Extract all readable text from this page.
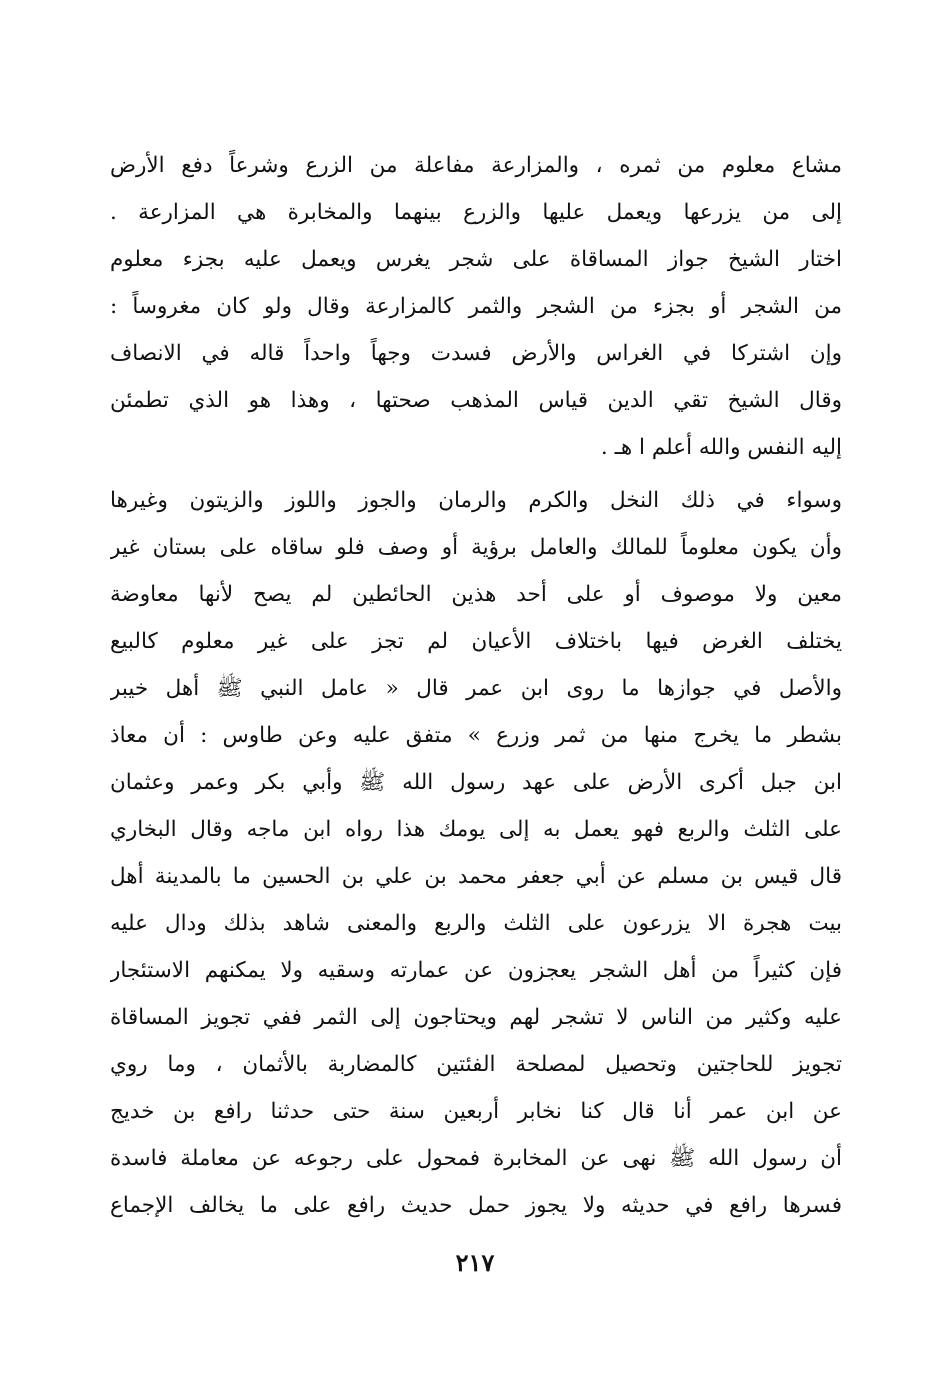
مشاع معلوم من ثمره ، والمزارعة مفاعلة من الزرع وشرعاً دفع الأرض
إلى من يزرعها ويعمل عليها والزرع بينهما والمخابرة هي المزارعة .
اختار الشيخ جواز المساقاة على شجر يغرس ويعمل عليه بجزء معلوم
من الشجر أو بجزء من الشجر والثمر كالمزارعة وقال ولو كان مغروساً :
وإن اشتركا في الغراس والأرض فسدت وجهاً واحداً قاله في الانصاف
وقال الشيخ تقي الدين قياس المذهب صحتها ، وهذا هو الذي تطمئن
إليه النفس والله أعلم ا هـ .
وسواء في ذلك النخل والكرم والرمان والجوز واللوز والزيتون وغيرها
وأن يكون معلوماً للمالك والعامل برؤية أو وصف فلو ساقاه على بستان غير
معين ولا موصوف أو على أحد هذين الحائطين لم يصح لأنها معاوضة
يختلف الغرض فيها باختلاف الأعيان لم تجز على غير معلوم كالبيع
والأصل في جوازها ما روى ابن عمر قال « عامل النبي ﷺ أهل خيبر
بشطر ما يخرج منها من ثمر وزرع » متفق عليه وعن طاوس : أن معاذ
ابن جبل أكرى الأرض على عهد رسول الله ﷺ وأبي بكر وعمر وعثمان
على الثلث والربع فهو يعمل به إلى يومك هذا رواه ابن ماجه وقال البخاري
قال قيس بن مسلم عن أبي جعفر محمد بن علي بن الحسين ما بالمدينة أهل
بيت هجرة الا يزرعون على الثلث والربع والمعنى شاهد بذلك ودال عليه
فإن كثيراً من أهل الشجر يعجزون عن عمارته وسقيه ولا يمكنهم الاستئجار
عليه وكثير من الناس لا تشجر لهم ويحتاجون إلى الثمر ففي تجويز المساقاة
تجويز للحاجتين وتحصيل لمصلحة الفئتين كالمضاربة بالأثمان ، وما روي
عن ابن عمر أنا قال كنا نخابر أربعين سنة حتى حدثنا رافع بن خديج
أن رسول الله ﷺ نهى عن المخابرة فمحول على رجوعه عن معاملة فاسدة
فسرها رافع في حديثه ولا يجوز حمل حديث رافع على ما يخالف الإجماع
٢١٧
